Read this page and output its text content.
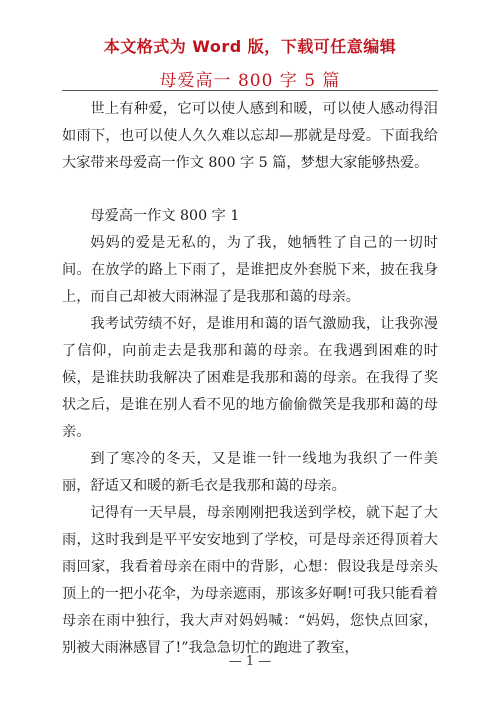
本文格式为 Word 版，下载可任意编辑
母爱高一 800 字 5 篇

世上有种爱，它可以使人感到和暖，可以使人感动得泪如雨下，也可以使人久久难以忘却—那就是母爱。下面我给大家带来母爱高一作文 800 字 5 篇，梦想大家能够热爱。

母爱高一作文 800 字 1

妈妈的爱是无私的，为了我，她牺牲了自己的一切时间。在放学的路上下雨了，是谁把皮外套脱下来，披在我身上，而自己却被大雨淋湿了是我那和蔼的母亲。

我考试劳绩不好，是谁用和蔼的语气激励我，让我弥漫了信仰，向前走去是我那和蔼的母亲。在我遇到困难的时候，是谁扶助我解决了困难是我那和蔼的母亲。在我得了奖状之后，是谁在别人看不见的地方偷偷微笑是我那和蔼的母亲。

到了寒冷的冬天，又是谁一针一线地为我织了一件美丽，舒适又和暖的新毛衣是我那和蔼的母亲。

记得有一天早晨，母亲刚刚把我送到学校，就下起了大雨，这时我到是平平安安地到了学校，可是母亲还得顶着大雨回家，我看着母亲在雨中的背影，心想：假设我是母亲头顶上的一把小花伞，为母亲遮雨，那该多好啊!可我只能看着母亲在雨中独行，我大声对妈妈喊：“妈妈，您快点回家，别被大雨淋感冒了!”我急急切忙的跑进了教室，

— 1 —
